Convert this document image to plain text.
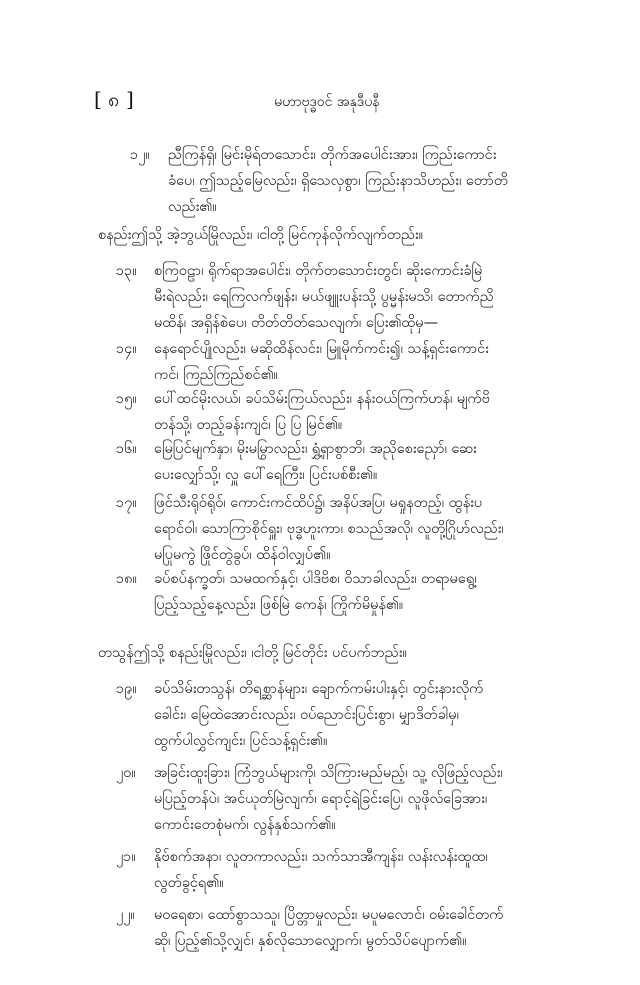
[ ၈ ]	မဟာဗုဒ္ဓဝင် အနုဒီပနီ
၁၂။ ညီကြန်ရှိ၊ မြင်းမိုရ်တသောင်း၊ တိုက်အပေါင်းအား၊ ကြည်းကောင်း
ခံပေ၊ ဤသည့်မြေလည်း၊ ရှိသေလှစွာ၊ ကြည်းနာသိဟည်း၊ တော်တိ
လည်း၏။
စနည်းဤသို့ အဲ့ဘွယ်မြိုလည်း၊ ၊ငါတို့ မြင်ကုန်လိုက်လျက်တည်း။
၁၃။ စကြဝဠာ၊ ရိုက်ရာအပေါင်း၊ တိုက်တသောင်းတွင်၊ ဆိုးကောင်းခံမြဲ
မီးရဲလည်း၊ ရေကြလက်ဖျန်း၊ မယ်ဖျူးပန်းသို့ ပွမ္မန်းမသိ၊ တောက်ညိ
မထိန်၊ အရှိန်စဲပေ၊ တိတ်တိတ်သေလျက်၊ ပြေး၏ထိုမှ—
၁၄။ နေရောင်ပျိုလည်း၊ မဆိုထိန်လင်း၊ မြူမိုက်ကင်း၍၊ သန့်ရှင်းကောင်း
ကင်၊ ကြည်ကြည်စင်၏။
၁၅။ ပေါ်ထင်မိုးလယ်၊ ခပ်သိမ်းကြယ်လည်း၊ နန်းဝယ်ကြက်ဟန်၊ မျက်ဗိ
တန်သို့၊ တည့်ခန်းကျင်၊ ပြ ပြ မြင်၏။
၁၆။ မြေပြင်မျက်နှာ၊ မိုးမမြွာလည်း၊ ရွှံ့ရှာစွာဘိ၊ အညိုစေးညှော်၊ ဆေး
ပေးလျှော်သို့၊ လှူ ပေါ်ရေကြီး၊ ပြင်းပစ်စီး၏။
၁၇။ ဖြင်သီးရိုဝ်ရိုဝ်၊ ကောင်းကင်ထိပ်၌၊ အနိပ်အပြ၊ မရှုနတည့်၊ ထွန်းပ
ရောင်ဝါ၊ သောကြာစိုင်ရှူး၊ ဗုဒ္ဓဟူးကာ၊ စသည်အလို၊ လူတို့ဂြိုဟ်လည်း၊
မပြုမကွဲ ဖြိုင်တွဲခွပ်၊ ထိန်ဝါလျှပ်၏။
၁၈။ ခပ်စပ်နက္ခတ်၊ သမထက်နှင့်၊ ပါဒိဗိစ၊ ဝိသာခါလည်း၊ တရာမရွေ့၊
ပြည့်သည့်နေ့လည်း၊ ဖြစ်မြဲ ကေန်၊ ကြိုက်မိမှုန်၏။
တသွန်ဤသို့ စနည်းမြိုလည်း၊ ၊ငါတို့ မြင်တိုင်း ပင်ပက်ဘည်း။
၁၉။ ခပ်သိမ်းတသွန်၊ တိရစ္ဆာန်များ၊ ချောက်ကမ်းပါးနှင့်၊ တွင်းနားလိုက်
ခေါင်း၊ မြေထဲအောင်းလည်း၊ ဝပ်ညောင်းပြင်းစွာ၊ မျှာဒိတ်ခါမှ၊
ထွက်ပါလွှင်ကျင်း၊ ပြင်သန့်ရှင်း၏။
၂၀။ အခြင်းထူးခြား၊ ကြံဘွယ်များကို၊ သိကြားမည်မည့်၊ သူ့ လိုဖြည့်လည်း၊
မပြည့်တန်ပဲ၊ အင်ယုတ်မြဲလျက်၊ ရောင့်ရဲခြင်းပြေ၊ လူဖိုလ်ခြေအား၊
ကောင်းတေစုံမက်၊ လွန်နှစ်သက်၏။
၂၁။ နိုဗ်စက်အနာ၊ လူတကာလည်း၊ သက်သာအီကျန်း၊ လန်းလန်းထူထ၊
လွတ်ခွင့်ရ၏။
၂၂။ မဝရေစာ၊ ထော်စွာသသူ၊ ပြိတ္တာမှုလည်း၊ မပူမလောင်၊ ဝမ်းခေါင်တက်
ဆို၊ ပြည့်၏သို့လျှင်၊ နှစ်လိုသောလျှောက်၊ မွတ်သိပ်ပျောက်၏။
